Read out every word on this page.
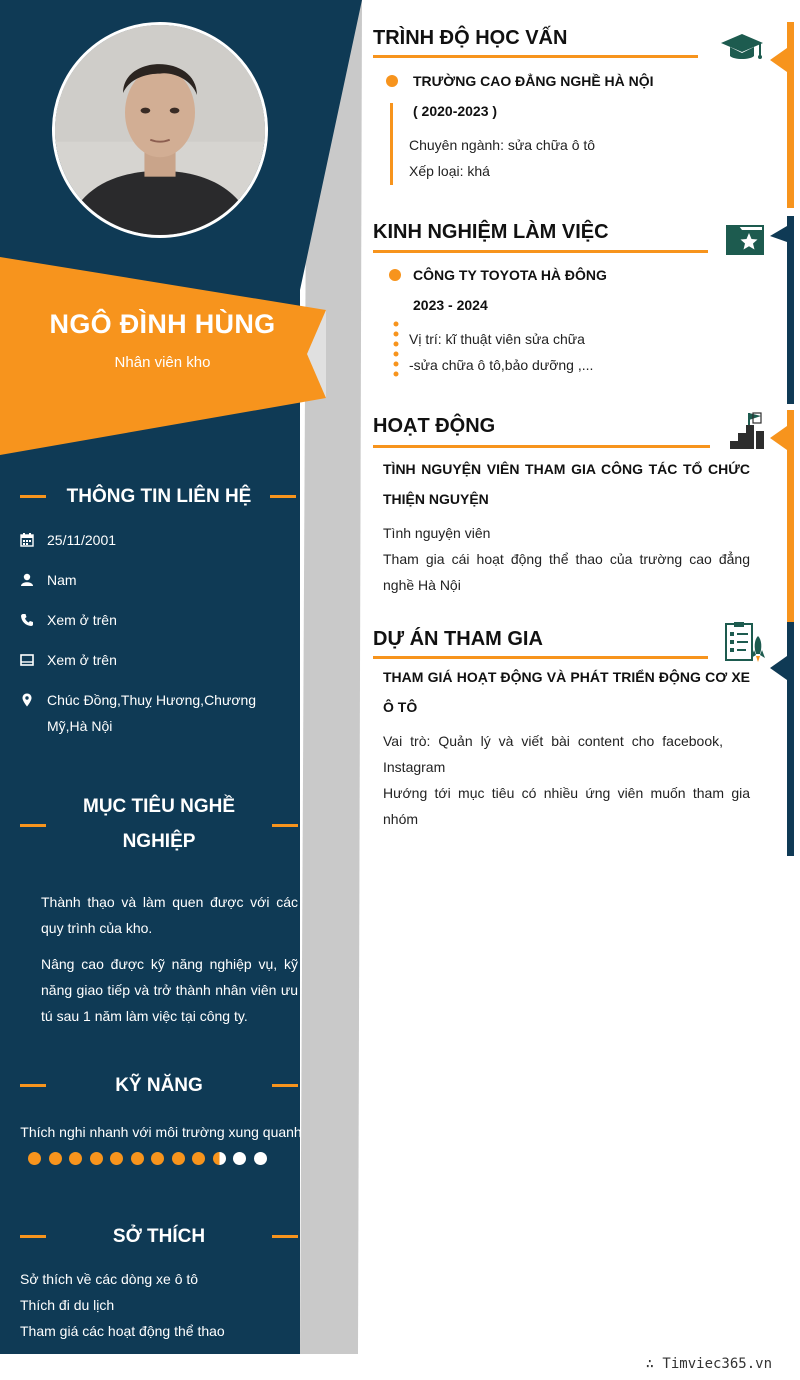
NGÔ ĐÌNH HÙNG
Nhân viên kho
THÔNG TIN LIÊN HỆ
25/11/2001
Nam
Xem ở trên
Xem ở trên
Chúc Đồng,Thuỵ Hương,Chương Mỹ,Hà Nội
MỤC TIÊU NGHỀ NGHIỆP
Thành thạo và làm quen được với các quy trình của kho.
Nâng cao được kỹ năng nghiệp vụ, kỹ năng giao tiếp và trở thành nhân viên ưu tú sau 1 năm làm việc tại công ty.
KỸ NĂNG
Thích nghi nhanh với môi trường xung quanh
SỞ THÍCH
Sở thích về các dòng xe ô tô
Thích đi du lịch
Tham giá các hoạt động thể thao
TRÌNH ĐỘ HỌC VẤN
TRƯỜNG CAO ĐẲNG NGHỀ HÀ NỘI
( 2020-2023 )
Chuyên ngành: sửa chữa ô tô
Xếp loại: khá
KINH NGHIỆM LÀM VIỆC
CÔNG TY TOYOTA HÀ ĐÔNG
2023 - 2024
Vị trí: kĩ thuật viên sửa chữa
-sửa chữa ô tô,bảo dưỡng ,...
HOẠT ĐỘNG
TÌNH NGUYỆN VIÊN THAM GIA CÔNG TÁC TỔ CHỨC THIỆN NGUYỆN
Tình nguyện viên
Tham gia cái hoạt động thể thao của trường cao đẳng nghề Hà Nội
DỰ ÁN THAM GIA
THAM GIÁ HOẠT ĐỘNG VÀ PHÁT TRIỂN ĐỘNG CƠ XE Ô TÔ
Vai trò: Quản lý và viết bài content cho facebook, Instagram
Hướng tới mục tiêu có nhiều ứng viên muốn tham gia nhóm
∴ Timviec365.vn
